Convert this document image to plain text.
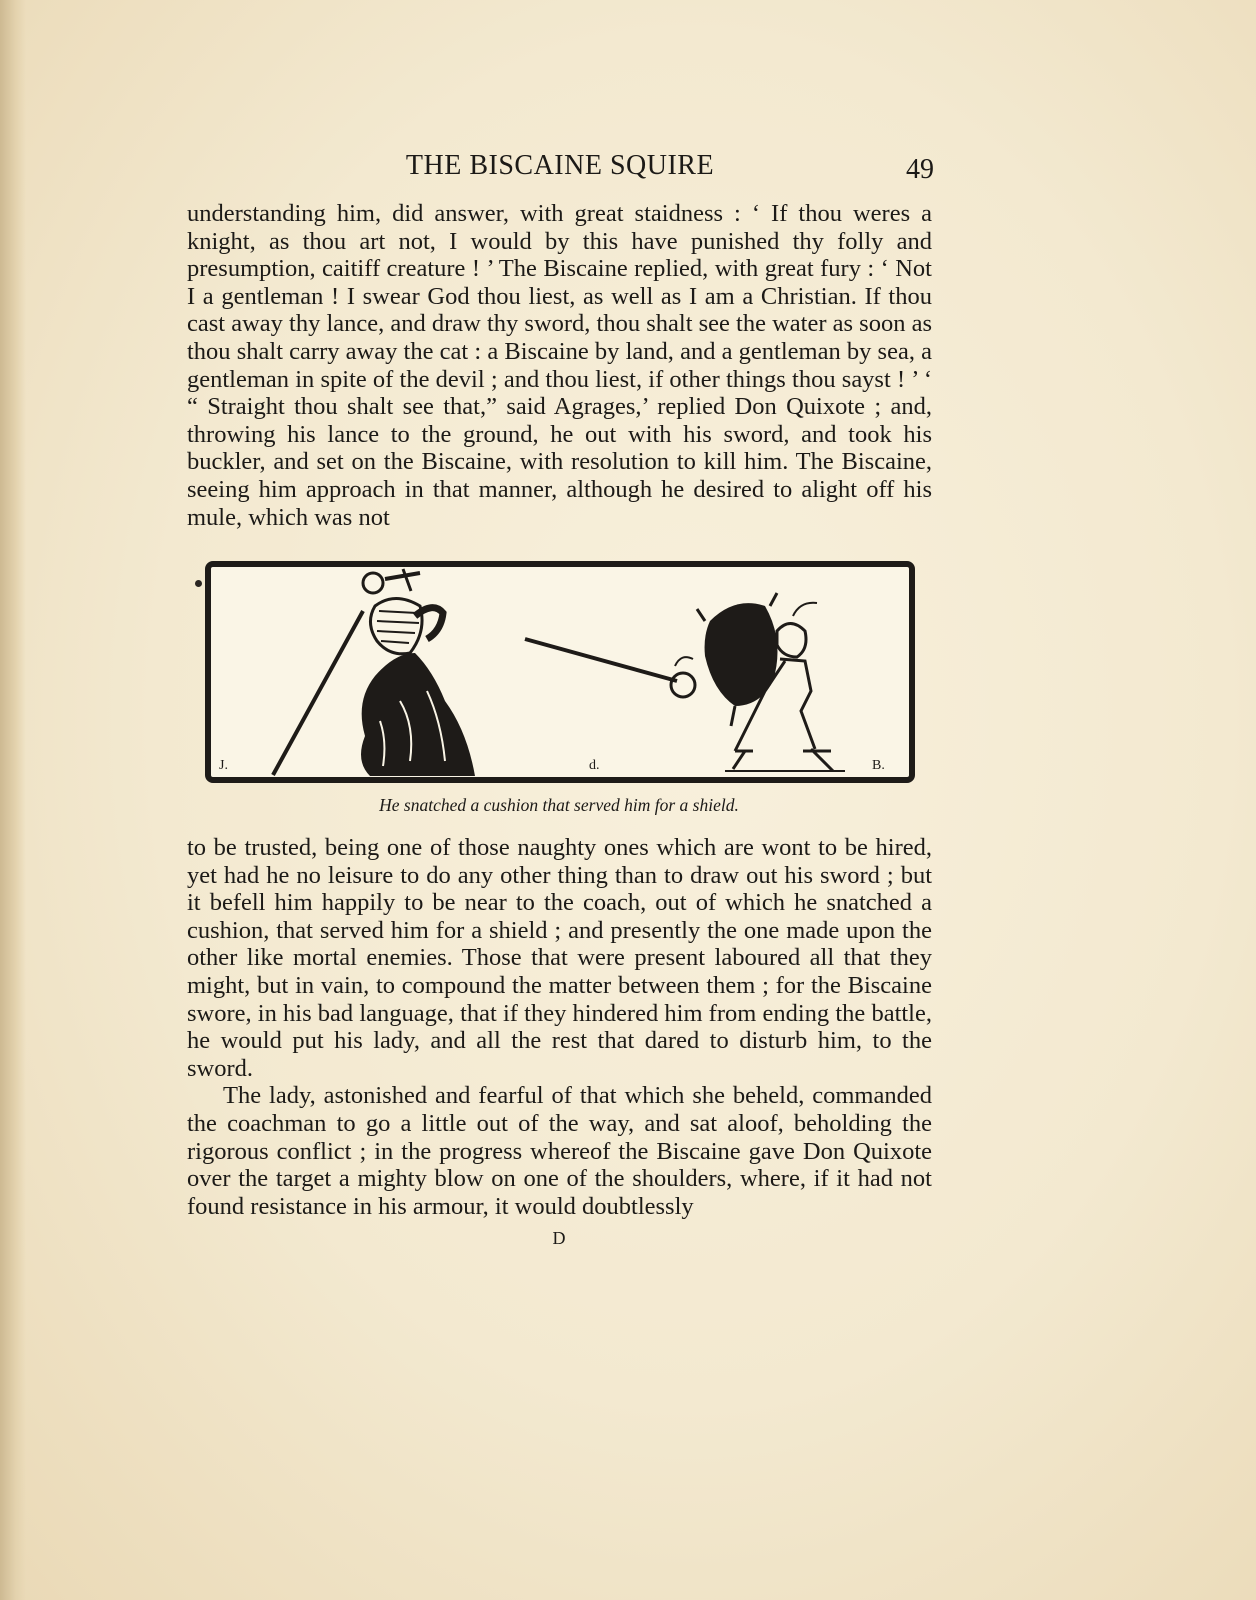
THE BISCAINE SQUIRE	49

understanding him, did answer, with great staidness : ‘ If thou weres a knight, as thou art not, I would by this have punished thy folly and presumption, caitiff creature ! ’ The Biscaine replied, with great fury : ‘ Not I a gentleman ! I swear God thou liest, as well as I am a Christian. If thou cast away thy lance, and draw thy sword, thou shalt see the water as soon as thou shalt carry away the cat : a Biscaine by land, and a gentleman by sea, a gentleman in spite of the devil ; and thou liest, if other things thou sayst ! ’ ‘ “ Straight thou shalt see that,” said Agrages,’ replied Don Quixote ; and, throwing his lance to the ground, he out with his sword, and took his buckler, and set on the Biscaine, with resolution to kill him. The Biscaine, seeing him approach in that manner, although he desired to alight off his mule, which was not

J.	d.	B.
He snatched a cushion that served him for a shield.

to be trusted, being one of those naughty ones which are wont to be hired, yet had he no leisure to do any other thing than to draw out his sword ; but it befell him happily to be near to the coach, out of which he snatched a cushion, that served him for a shield ; and presently the one made upon the other like mortal enemies. Those that were present laboured all that they might, but in vain, to compound the matter between them ; for the Biscaine swore, in his bad language, that if they hindered him from ending the battle, he would put his lady, and all the rest that dared to disturb him, to the sword.

The lady, astonished and fearful of that which she beheld, commanded the coachman to go a little out of the way, and sat aloof, beholding the rigorous conflict ; in the progress whereof the Biscaine gave Don Quixote over the target a mighty blow on one of the shoulders, where, if it had not found resistance in his armour, it would doubtlessly

D
